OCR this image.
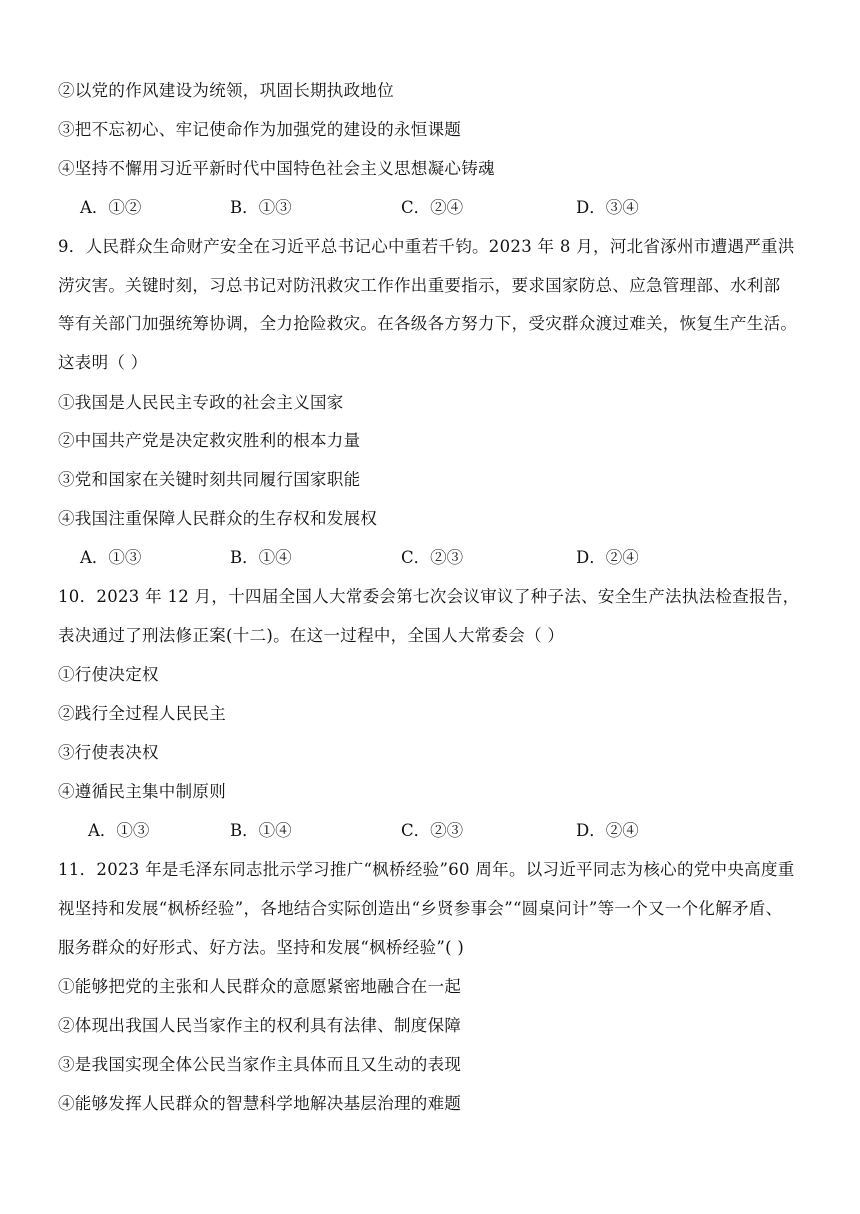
②以党的作风建设为统领，巩固长期执政地位
③把不忘初心、牢记使命作为加强党的建设的永恒课题
④坚持不懈用习近平新时代中国特色社会主义思想凝心铸魂
A．①②	B．①③	C．②④	D．③④
9．人民群众生命财产安全在习近平总书记心中重若千钧。2023 年 8 月，河北省涿州市遭遇严重洪
涝灾害。关键时刻，习总书记对防汛救灾工作作出重要指示，要求国家防总、应急管理部、水利部
等有关部门加强统筹协调，全力抢险救灾。在各级各方努力下，受灾群众渡过难关，恢复生产生活。
这表明（ ）
①我国是人民民主专政的社会主义国家
②中国共产党是决定救灾胜利的根本力量
③党和国家在关键时刻共同履行国家职能
④我国注重保障人民群众的生存权和发展权
A．①③	B．①④	C．②③	D．②④
10．2023 年 12 月，十四届全国人大常委会第七次会议审议了种子法、安全生产法执法检查报告，
表决通过了刑法修正案(十二)。在这一过程中，全国人大常委会（ ）
①行使决定权
②践行全过程人民民主
③行使表决权
④遵循民主集中制原则
A．①③	B．①④	C．②③	D．②④
11．2023 年是毛泽东同志批示学习推广“枫桥经验”60 周年。以习近平同志为核心的党中央高度重
视坚持和发展“枫桥经验”，各地结合实际创造出“乡贤参事会”“圆桌问计”等一个又一个化解矛盾、
服务群众的好形式、好方法。坚持和发展“枫桥经验”( )
①能够把党的主张和人民群众的意愿紧密地融合在一起
②体现出我国人民当家作主的权利具有法律、制度保障
③是我国实现全体公民当家作主具体而且又生动的表现
④能够发挥人民群众的智慧科学地解决基层治理的难题
